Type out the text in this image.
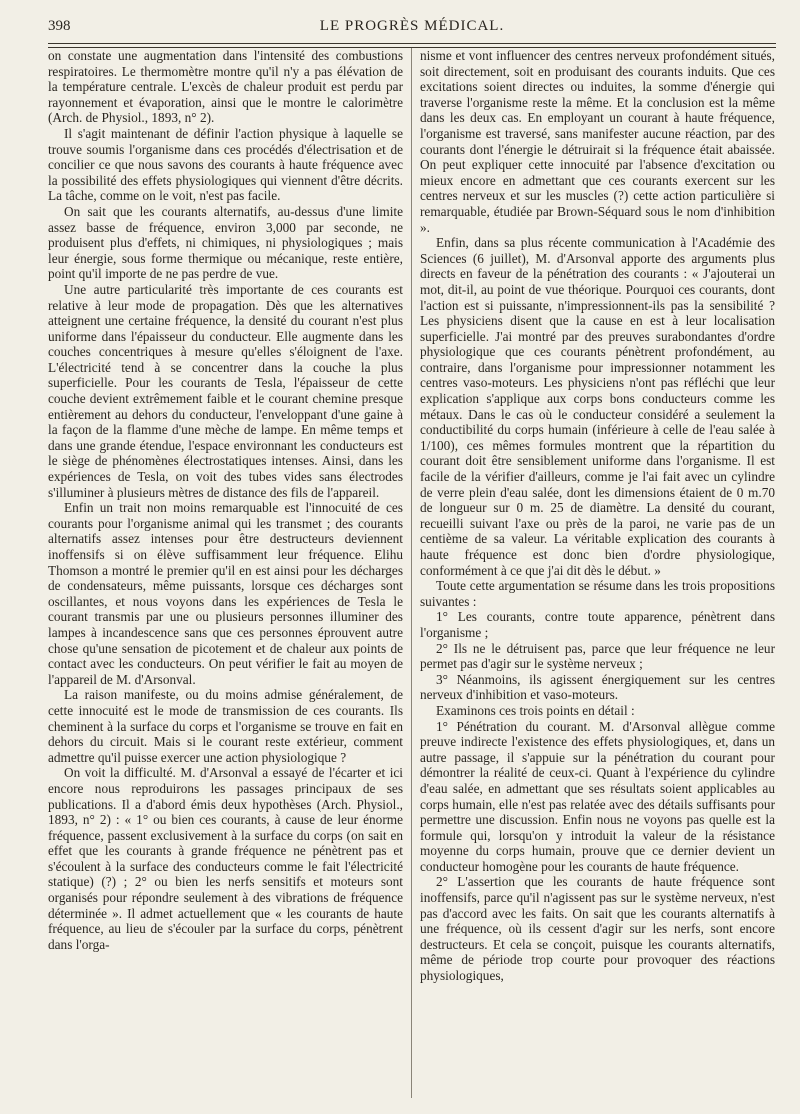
398	LE PROGRÈS MÉDICAL.

on constate une augmentation dans l'intensité des combustions respiratoires. Le thermomètre montre qu'il n'y a pas élévation de la température centrale. L'excès de chaleur produit est perdu par rayonnement et évaporation, ainsi que le montre le calorimètre (Arch. de Physiol., 1893, n° 2).

Il s'agit maintenant de définir l'action physique à laquelle se trouve soumis l'organisme dans ces procédés d'électrisation et de concilier ce que nous savons des courants à haute fréquence avec la possibilité des effets physiologiques qui viennent d'être décrits. La tâche, comme on le voit, n'est pas facile.

On sait que les courants alternatifs, au-dessus d'une limite assez basse de fréquence, environ 3,000 par seconde, ne produisent plus d'effets, ni chimiques, ni physiologiques ; mais leur énergie, sous forme thermique ou mécanique, reste entière, point qu'il importe de ne pas perdre de vue.

Une autre particularité très importante de ces courants est relative à leur mode de propagation. Dès que les alternatives atteignent une certaine fréquence, la densité du courant n'est plus uniforme dans l'épaisseur du conducteur. Elle augmente dans les couches concentriques à mesure qu'elles s'éloignent de l'axe. L'électricité tend à se concentrer dans la couche la plus superficielle. Pour les courants de Tesla, l'épaisseur de cette couche devient extrêmement faible et le courant chemine presque entièrement au dehors du conducteur, l'enveloppant d'une gaine à la façon de la flamme d'une mèche de lampe. En même temps et dans une grande étendue, l'espace environnant les conducteurs est le siège de phénomènes électrostatiques intenses. Ainsi, dans les expériences de Tesla, on voit des tubes vides sans électrodes s'illuminer à plusieurs mètres de distance des fils de l'appareil.

Enfin un trait non moins remarquable est l'innocuité de ces courants pour l'organisme animal qui les transmet ; des courants alternatifs assez intenses pour être destructeurs deviennent inoffensifs si on élève suffisamment leur fréquence. Elihu Thomson a montré le premier qu'il en est ainsi pour les décharges de condensateurs, même puissants, lorsque ces décharges sont oscillantes, et nous voyons dans les expériences de Tesla le courant transmis par une ou plusieurs personnes illuminer des lampes à incandescence sans que ces personnes éprouvent autre chose qu'une sensation de picotement et de chaleur aux points de contact avec les conducteurs. On peut vérifier le fait au moyen de l'appareil de M. d'Arsonval.

La raison manifeste, ou du moins admise généralement, de cette innocuité est le mode de transmission de ces courants. Ils cheminent à la surface du corps et l'organisme se trouve en fait en dehors du circuit. Mais si le courant reste extérieur, comment admettre qu'il puisse exercer une action physiologique ?

On voit la difficulté. M. d'Arsonval a essayé de l'écarter et ici encore nous reproduirons les passages principaux de ses publications. Il a d'abord émis deux hypothèses (Arch. Physiol., 1893, n° 2) : « 1° ou bien ces courants, à cause de leur énorme fréquence, passent exclusivement à la surface du corps (on sait en effet que les courants à grande fréquence ne pénètrent pas et s'écoulent à la surface des conducteurs comme le fait l'électricité statique) (?) ; 2° ou bien les nerfs sensitifs et moteurs sont organisés pour répondre seulement à des vibrations de fréquence déterminée ». Il admet actuellement que « les courants de haute fréquence, au lieu de s'écouler par la surface du corps, pénètrent dans l'orga-

nisme et vont influencer des centres nerveux profondément situés, soit directement, soit en produisant des courants induits. Que ces excitations soient directes ou induites, la somme d'énergie qui traverse l'organisme reste la même. Et la conclusion est la même dans les deux cas. En employant un courant à haute fréquence, l'organisme est traversé, sans manifester aucune réaction, par des courants dont l'énergie le détruirait si la fréquence était abaissée. On peut expliquer cette innocuité par l'absence d'excitation ou mieux encore en admettant que ces courants exercent sur les centres nerveux et sur les muscles (?) cette action particulière si remarquable, étudiée par Brown-Séquard sous le nom d'inhibition ».

Enfin, dans sa plus récente communication à l'Académie des Sciences (6 juillet), M. d'Arsonval apporte des arguments plus directs en faveur de la pénétration des courants : « J'ajouterai un mot, dit-il, au point de vue théorique. Pourquoi ces courants, dont l'action est si puissante, n'impressionnent-ils pas la sensibilité ? Les physiciens disent que la cause en est à leur localisation superficielle. J'ai montré par des preuves surabondantes d'ordre physiologique que ces courants pénètrent profondément, au contraire, dans l'organisme pour impressionner notamment les centres vaso-moteurs. Les physiciens n'ont pas réfléchi que leur explication s'applique aux corps bons conducteurs comme les métaux. Dans le cas où le conducteur considéré a seulement la conductibilité du corps humain (inférieure à celle de l'eau salée à 1/100), ces mêmes formules montrent que la répartition du courant doit être sensiblement uniforme dans l'organisme. Il est facile de la vérifier d'ailleurs, comme je l'ai fait avec un cylindre de verre plein d'eau salée, dont les dimensions étaient de 0 m.70 de longueur sur 0 m. 25 de diamètre. La densité du courant, recueilli suivant l'axe ou près de la paroi, ne varie pas de un centième de sa valeur. La véritable explication des courants à haute fréquence est donc bien d'ordre physiologique, conformément à ce que j'ai dit dès le début. »

Toute cette argumentation se résume dans les trois propositions suivantes :

1° Les courants, contre toute apparence, pénètrent dans l'organisme ;

2° Ils ne le détruisent pas, parce que leur fréquence ne leur permet pas d'agir sur le système nerveux ;

3° Néanmoins, ils agissent énergiquement sur les centres nerveux d'inhibition et vaso-moteurs.

Examinons ces trois points en détail :

1° Pénétration du courant. M. d'Arsonval allègue comme preuve indirecte l'existence des effets physiologiques, et, dans un autre passage, il s'appuie sur la pénétration du courant pour démontrer la réalité de ceux-ci. Quant à l'expérience du cylindre d'eau salée, en admettant que ses résultats soient applicables au corps humain, elle n'est pas relatée avec des détails suffisants pour permettre une discussion. Enfin nous ne voyons pas quelle est la formule qui, lorsqu'on y introduit la valeur de la résistance moyenne du corps humain, prouve que ce dernier devient un conducteur homogène pour les courants de haute fréquence.

2° L'assertion que les courants de haute fréquence sont inoffensifs, parce qu'il n'agissent pas sur le système nerveux, n'est pas d'accord avec les faits. On sait que les courants alternatifs à une fréquence, où ils cessent d'agir sur les nerfs, sont encore destructeurs. Et cela se conçoit, puisque les courants alternatifs, même de période trop courte pour provoquer des réactions physiologiques,
